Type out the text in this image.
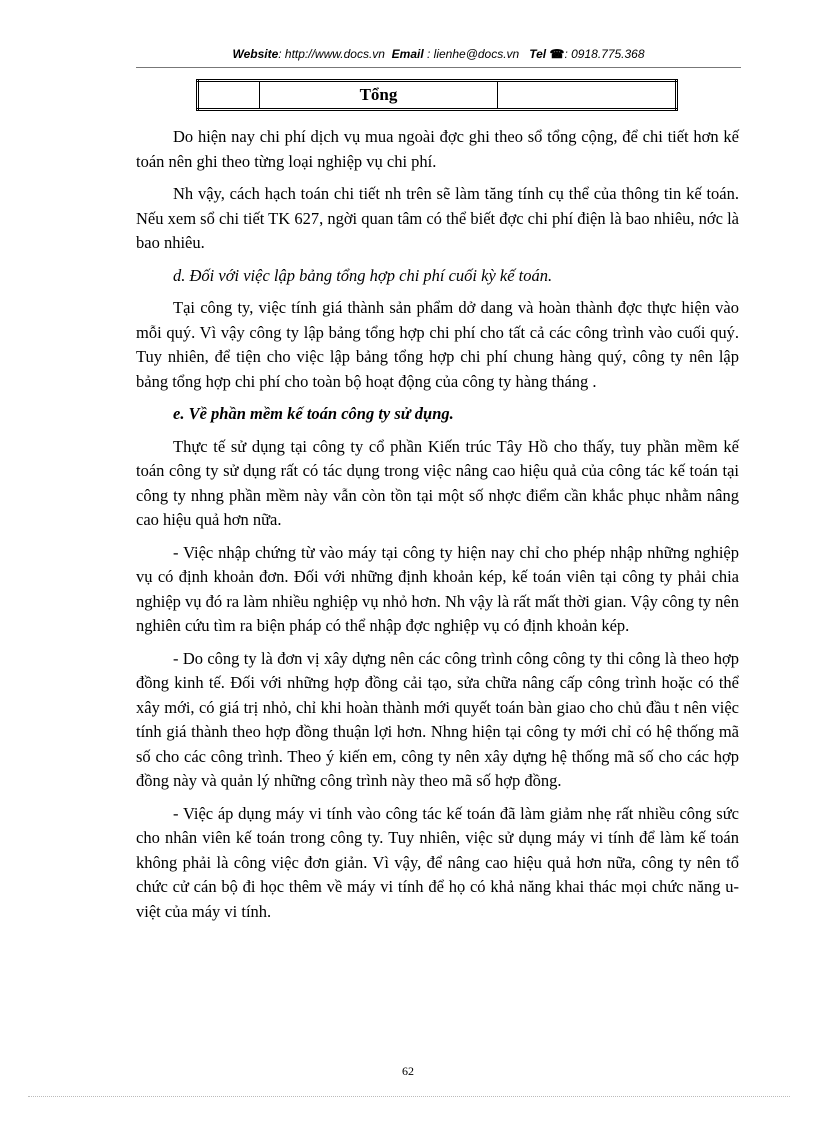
Website: http://www.docs.vn Email : lienhe@docs.vn Tel ☎: 0918.775.368
	Tổng	

Do hiện nay chi phí dịch vụ mua ngoài đợc ghi theo sổ tổng cộng, để chi tiết hơn kế toán nên ghi theo từng loại nghiệp vụ chi phí.

Nh vậy, cách hạch toán chi tiết nh trên sẽ làm tăng tính cụ thể của thông tin kế toán. Nếu xem sổ chi tiết TK 627, ngời quan tâm có thể biết đợc chi phí điện là bao nhiêu, nớc là bao nhiêu.

d. Đối với việc lập bảng tổng hợp chi phí cuối kỳ kế toán.

Tại công ty, việc tính giá thành sản phẩm dở dang và hoàn thành đợc thực hiện vào mỗi quý. Vì vậy công ty lập bảng tổng hợp chi phí cho tất cả các công trình vào cuối quý. Tuy nhiên, để tiện cho việc lập bảng tổng hợp chi phí chung hàng quý, công ty nên lập bảng tổng hợp chi phí cho toàn bộ hoạt động của công ty hàng tháng .

e. Về phần mềm kế toán công ty sử dụng.

Thực tế sử dụng tại công ty cổ phần Kiến trúc Tây Hồ cho thấy, tuy phần mềm kế toán công ty sử dụng rất có tác dụng trong việc nâng cao hiệu quả của công tác kế toán tại công ty nhng phần mềm này vẫn còn tồn tại một số nhợc điểm cần khắc phục nhằm nâng cao hiệu quả hơn nữa.

- Việc nhập chứng từ vào máy tại công ty hiện nay chỉ cho phép nhập những nghiệp vụ có định khoản đơn. Đối với những định khoản kép, kế toán viên tại công ty phải chia nghiệp vụ đó ra làm nhiều nghiệp vụ nhỏ hơn. Nh vậy là rất mất thời gian. Vậy công ty nên nghiên cứu tìm ra biện pháp có thể nhập đợc nghiệp vụ có định khoản kép.

- Do công ty là đơn vị xây dựng nên các công trình công công ty thi công là theo hợp đồng kinh tế. Đối với những hợp đồng cải tạo, sửa chữa nâng cấp công trình hoặc có thể xây mới, có giá trị nhỏ, chỉ khi hoàn thành mới quyết toán bàn giao cho chủ đầu t nên việc tính giá thành theo hợp đồng thuận lợi hơn. Nhng hiện tại công ty mới chỉ có hệ thống mã số cho các công trình. Theo ý kiến em, công ty nên xây dựng hệ thống mã số cho các hợp đồng này và quản lý những công trình này theo mã số hợp đồng.

- Việc áp dụng máy vi tính vào công tác kế toán đã làm giảm nhẹ rất nhiều công sức cho nhân viên kế toán trong công ty. Tuy nhiên, việc sử dụng máy vi tính để làm kế toán không phải là công việc đơn giản. Vì vậy, để nâng cao hiệu quả hơn nữa, công ty nên tổ chức cử cán bộ đi học thêm về máy vi tính để họ có khả năng khai thác mọi chức năng u việt của máy vi tính.

62
